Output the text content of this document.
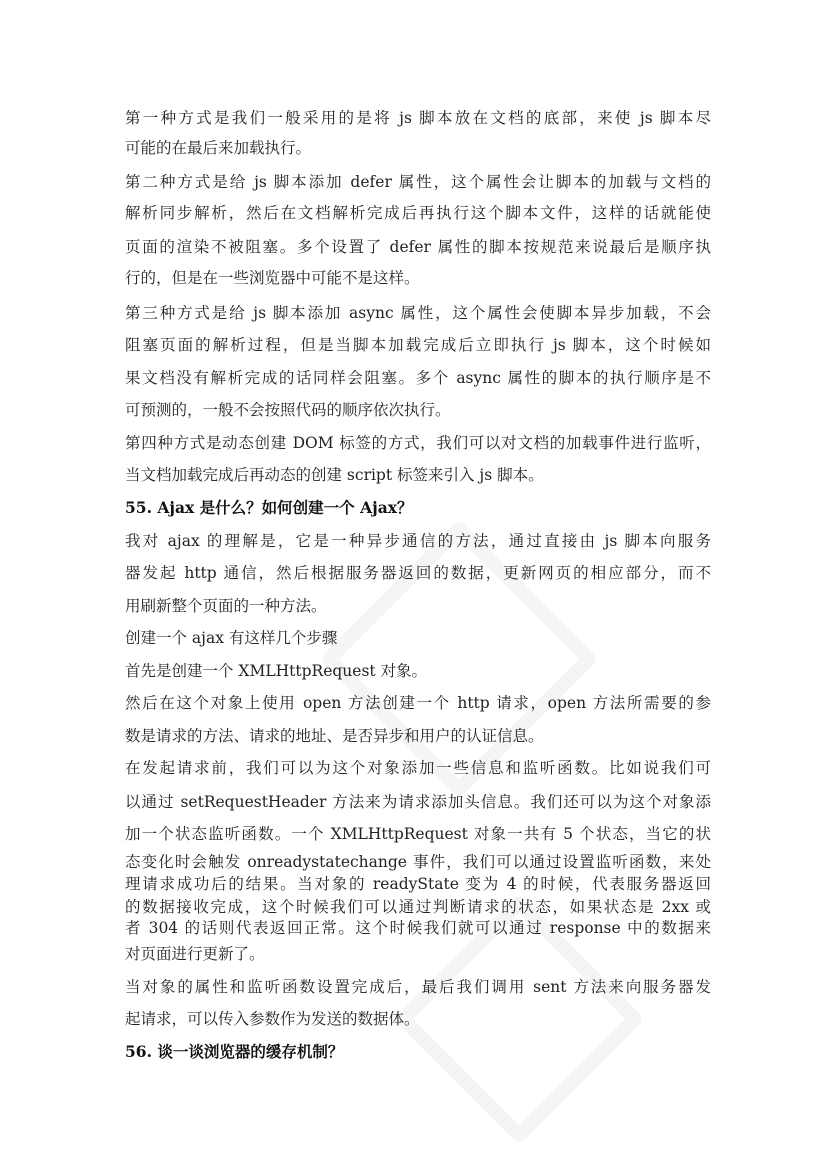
第一种方式是我们一般采用的是将 js 脚本放在文档的底部，来使 js 脚本尽
可能的在最后来加载执行。
第二种方式是给 js 脚本添加 defer 属性，这个属性会让脚本的加载与文档的
解析同步解析，然后在文档解析完成后再执行这个脚本文件，这样的话就能使
页面的渲染不被阻塞。多个设置了 defer 属性的脚本按规范来说最后是顺序执
行的，但是在一些浏览器中可能不是这样。
第三种方式是给 js 脚本添加 async 属性，这个属性会使脚本异步加载，不会
阻塞页面的解析过程，但是当脚本加载完成后立即执行 js 脚本，这个时候如
果文档没有解析完成的话同样会阻塞。多个 async 属性的脚本的执行顺序是不
可预测的，一般不会按照代码的顺序依次执行。
第四种方式是动态创建 DOM 标签的方式，我们可以对文档的加载事件进行监听，
当文档加载完成后再动态的创建 script 标签来引入 js 脚本。
55. Ajax 是什么？如何创建一个 Ajax？
我对 ajax 的理解是，它是一种异步通信的方法，通过直接由 js 脚本向服务
器发起 http 通信，然后根据服务器返回的数据，更新网页的相应部分，而不
用刷新整个页面的一种方法。
创建一个 ajax 有这样几个步骤
首先是创建一个 XMLHttpRequest 对象。
然后在这个对象上使用 open 方法创建一个 http 请求，open 方法所需要的参
数是请求的方法、请求的地址、是否异步和用户的认证信息。
在发起请求前，我们可以为这个对象添加一些信息和监听函数。比如说我们可
以通过 setRequestHeader 方法来为请求添加头信息。我们还可以为这个对象添
加一个状态监听函数。一个 XMLHttpRequest 对象一共有 5 个状态，当它的状
态变化时会触发 onreadystatechange 事件，我们可以通过设置监听函数，来处
理请求成功后的结果。当对象的 readyState 变为 4 的时候，代表服务器返回
的数据接收完成，这个时候我们可以通过判断请求的状态，如果状态是 2xx 或
者 304 的话则代表返回正常。这个时候我们就可以通过 response 中的数据来
对页面进行更新了。
当对象的属性和监听函数设置完成后，最后我们调用 sent 方法来向服务器发
起请求，可以传入参数作为发送的数据体。
56. 谈一谈浏览器的缓存机制？
